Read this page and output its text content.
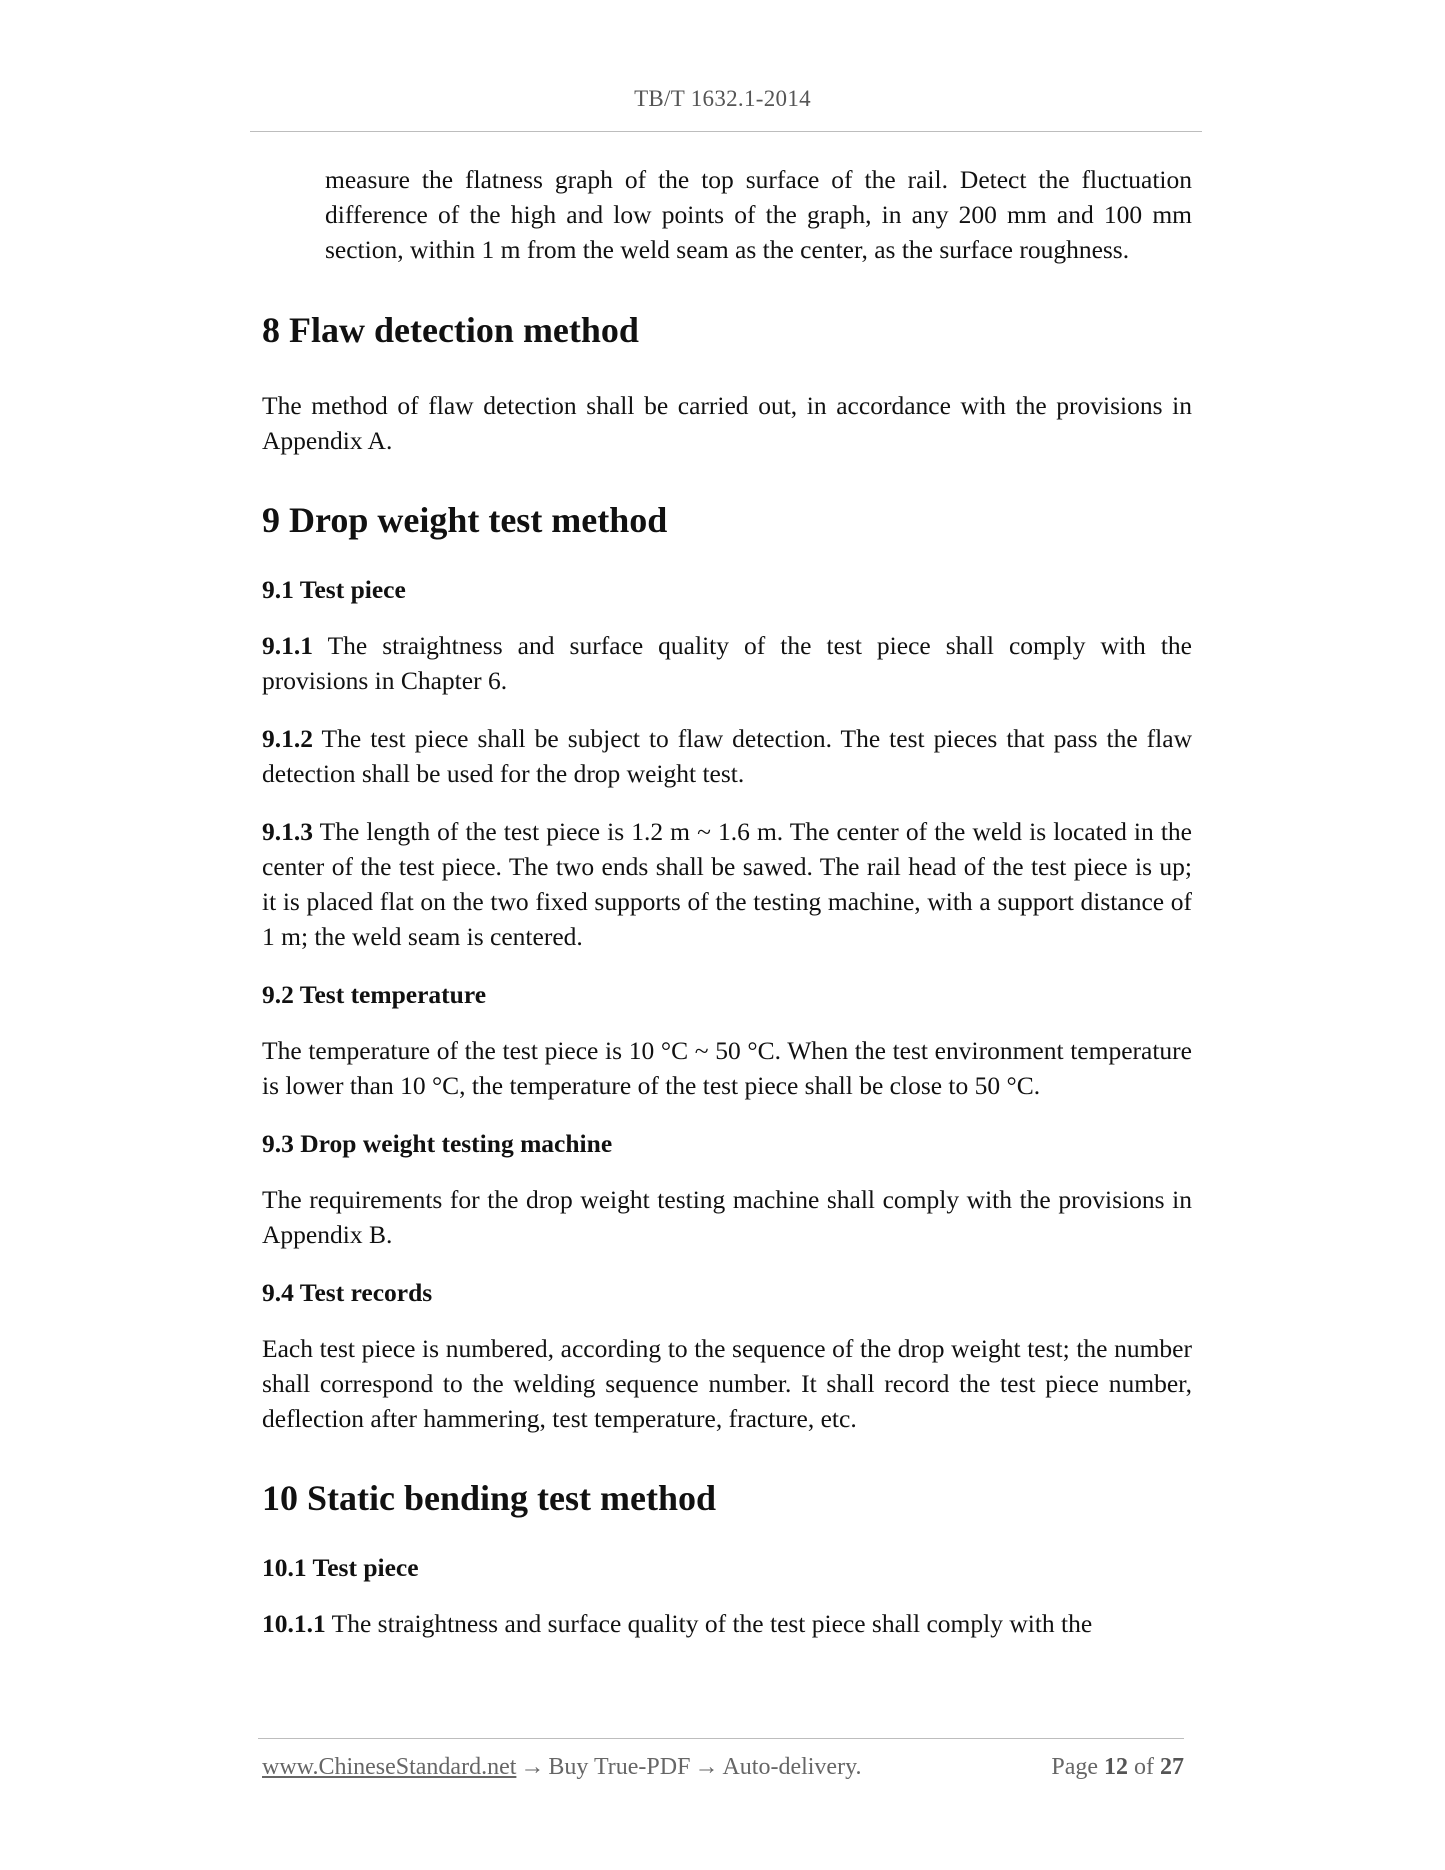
TB/T 1632.1-2014

measure the flatness graph of the top surface of the rail. Detect the fluctuation difference of the high and low points of the graph, in any 200 mm and 100 mm section, within 1 m from the weld seam as the center, as the surface roughness.

8 Flaw detection method

The method of flaw detection shall be carried out, in accordance with the provisions in Appendix A.

9 Drop weight test method
9.1 Test piece

9.1.1 The straightness and surface quality of the test piece shall comply with the provisions in Chapter 6.

9.1.2 The test piece shall be subject to flaw detection. The test pieces that pass the flaw detection shall be used for the drop weight test.

9.1.3 The length of the test piece is 1.2 m ~ 1.6 m. The center of the weld is located in the center of the test piece. The two ends shall be sawed. The rail head of the test piece is up; it is placed flat on the two fixed supports of the testing machine, with a support distance of 1 m; the weld seam is centered.

9.2 Test temperature

The temperature of the test piece is 10 °C ~ 50 °C. When the test environment temperature is lower than 10 °C, the temperature of the test piece shall be close to 50 °C.

9.3 Drop weight testing machine

The requirements for the drop weight testing machine shall comply with the provisions in Appendix B.

9.4 Test records

Each test piece is numbered, according to the sequence of the drop weight test; the number shall correspond to the welding sequence number. It shall record the test piece number, deflection after hammering, test temperature, fracture, etc.

10 Static bending test method
10.1 Test piece

10.1.1 The straightness and surface quality of the test piece shall comply with the

www.ChineseStandard.net → Buy True-PDF → Auto-delivery.	Page 12 of 27
